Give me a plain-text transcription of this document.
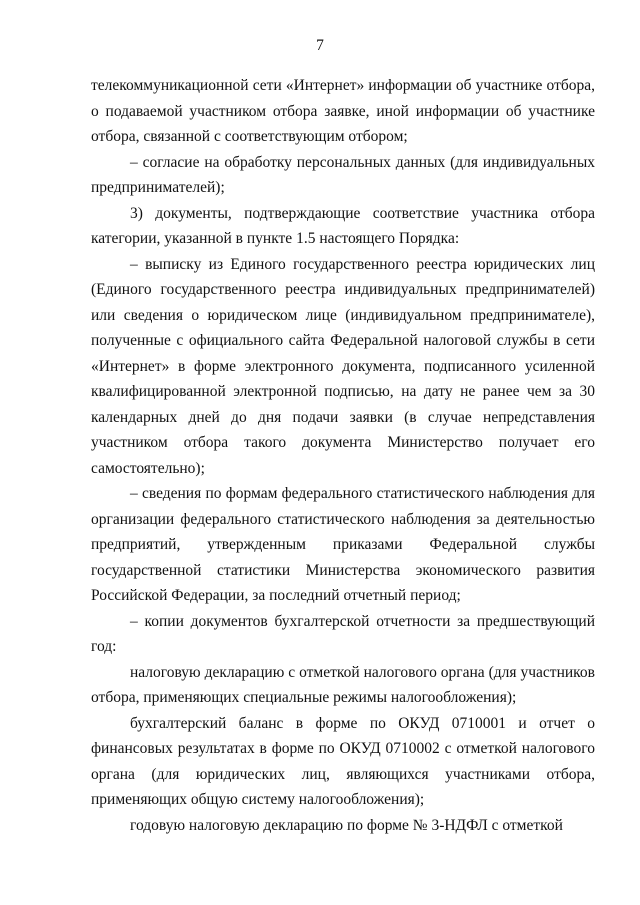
7

телекоммуникационной сети «Интернет» информации об участнике отбора, о подаваемой участником отбора заявке, иной информации об участнике отбора, связанной с соответствующим отбором;

– согласие на обработку персональных данных (для индивидуальных предпринимателей);

3) документы, подтверждающие соответствие участника отбора категории, указанной в пункте 1.5 настоящего Порядка:

– выписку из Единого государственного реестра юридических лиц (Единого государственного реестра индивидуальных предпринимателей) или сведения о юридическом лице (индивидуальном предпринимателе), полученные с официального сайта Федеральной налоговой службы в сети «Интернет» в форме электронного документа, подписанного усиленной квалифицированной электронной подписью, на дату не ранее чем за 30 календарных дней до дня подачи заявки (в случае непредставления участником отбора такого документа Министерство получает его самостоятельно);

– сведения по формам федерального статистического наблюдения для организации федерального статистического наблюдения за деятельностью предприятий, утвержденным приказами Федеральной службы государственной статистики Министерства экономического развития Российской Федерации, за последний отчетный период;

– копии документов бухгалтерской отчетности за предшествующий год:

налоговую декларацию с отметкой налогового органа (для участников отбора, применяющих специальные режимы налогообложения);

бухгалтерский баланс в форме по ОКУД 0710001 и отчет о финансовых результатах в форме по ОКУД 0710002 с отметкой налогового органа (для юридических лиц, являющихся участниками отбора, применяющих общую систему налогообложения);

годовую налоговую декларацию по форме № 3-НДФЛ с отметкой
